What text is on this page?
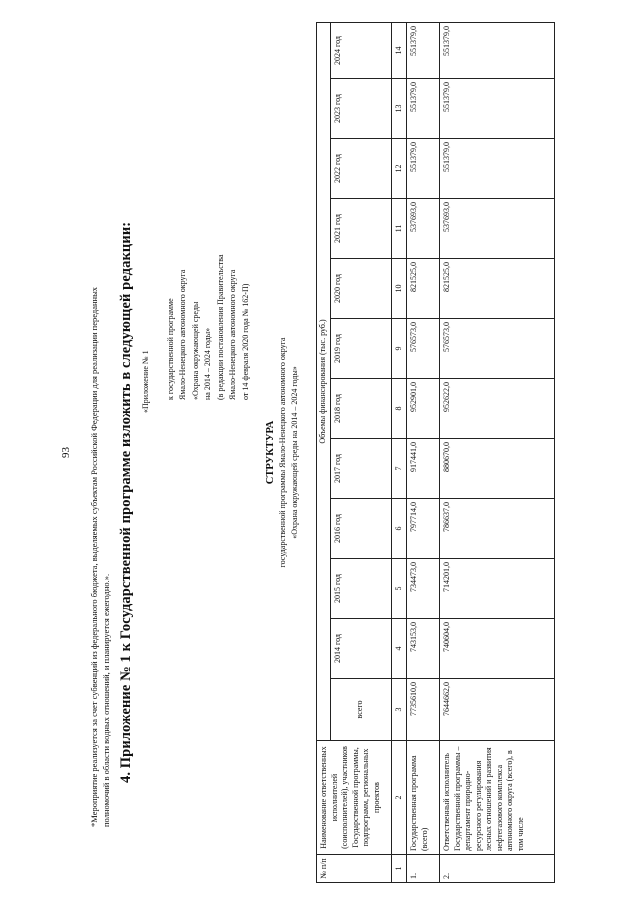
93 *Мероприятие реализуется за счет субвенций из федерального бюджета, выделяемых субъектам Российской Федерации для реализации переданных полномочий в области водных отношений, и планируется ежегодно.». 4. Приложение № 1 к Государственной программе изложить в следующей редакции: «Приложение № 1	к государственной программе Ямало-Ненецкого автономного округа «Охрана окружающей среды на 2014 – 2024 годы» (в редакции постановления Правительства Ямало-Ненецкого автономного округа от 14 февраля 2020 года № 162-П)
СТРУКТУРА государственной программы Ямало-Ненецкого автономного округа «Охрана окружающей среды на 2014 – 2024 годы»
№ п/п	Наименование ответственных исполнителей (соисполнителей), участников Государственной программы, подпрограмм, региональных проектов	Объемы финансирования (тыс. руб.)											
		всего	2014 год	2015 год	2016 год	2017 год	2018 год	2019 год	2020 год	2021 год	2022 год	2023 год	2024 год
1	2	3	4	5	6	7	8	9	10	11	12	13	14
1.	Государственная программа (всего)	7735610,0	743153,0	734473,0	797714,0	917441,0	952901,0	576573,0	821525,0	537693,0	551379,0	551379,0	551379,0
2.	Ответственный исполнитель Государственной программы – департамент природно-ресурсного регулирования лесных отношений и развития нефтегазового комплекса автономного округа (всего), в том числе	7644662,0	740604,0	714201,0	786637,0	880670,0	952622,0	576573,0	821525,0	537693,0	551379,0	551379,0	551379,0
